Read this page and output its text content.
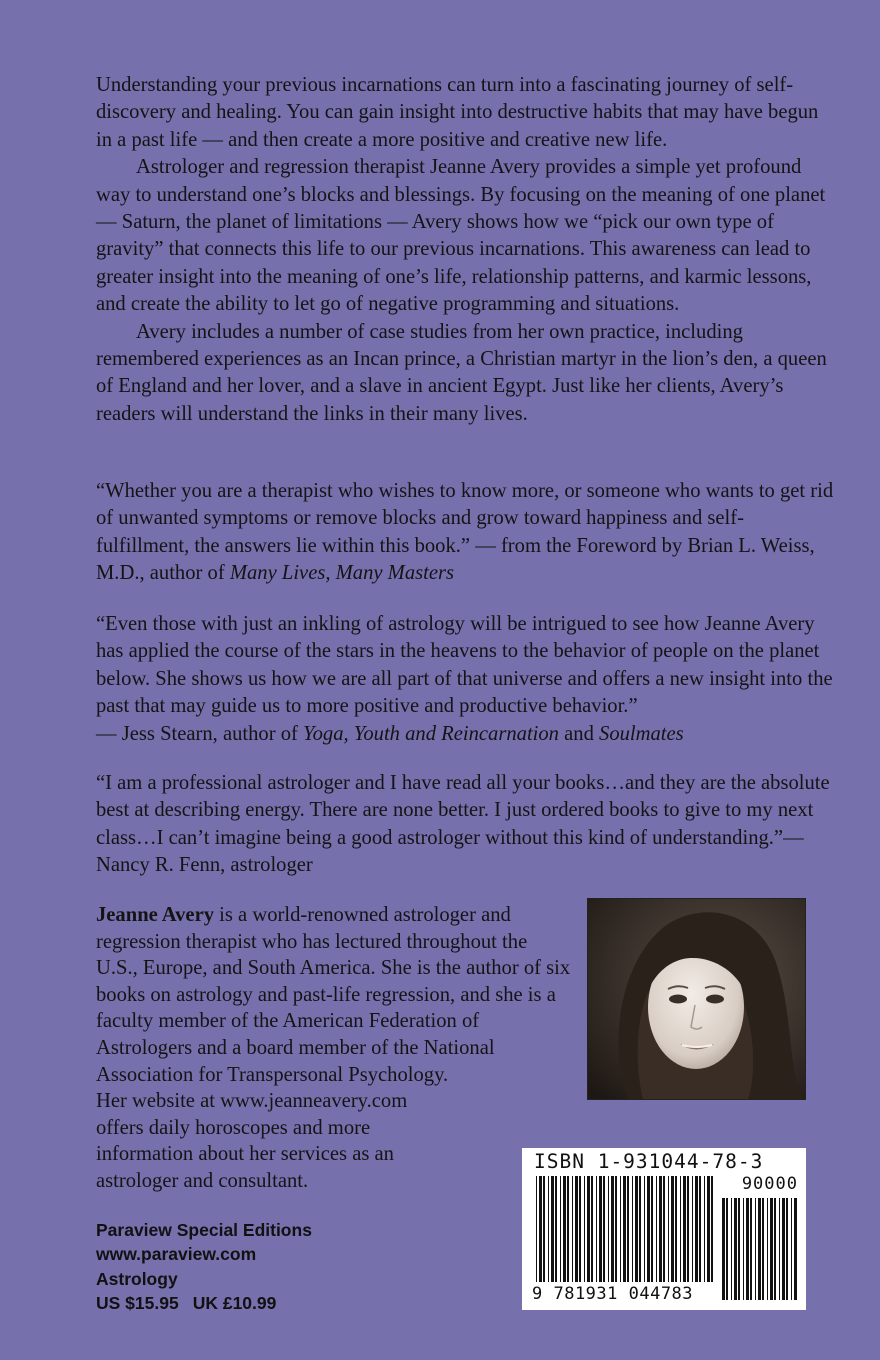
Understanding your previous incarnations can turn into a fascinating journey of self-discovery and healing. You can gain insight into destructive habits that may have begun in a past life — and then create a more positive and creative new life.

Astrologer and regression therapist Jeanne Avery provides a simple yet profound way to understand one’s blocks and blessings. By focusing on the meaning of one planet — Saturn, the planet of limitations — Avery shows how we “pick our own type of gravity” that connects this life to our previous incarnations. This awareness can lead to greater insight into the meaning of one’s life, relationship patterns, and karmic lessons, and create the ability to let go of negative programming and situations.

Avery includes a number of case studies from her own practice, including remembered experiences as an Incan prince, a Christian martyr in the lion’s den, a queen of England and her lover, and a slave in ancient Egypt. Just like her clients, Avery’s readers will understand the links in their many lives.

“Whether you are a therapist who wishes to know more, or someone who wants to get rid of unwanted symptoms or remove blocks and grow toward happiness and self-fulfillment, the answers lie within this book.” — from the Foreword by Brian L. Weiss, M.D., author of Many Lives, Many Masters
“Even those with just an inkling of astrology will be intrigued to see how Jeanne Avery has applied the course of the stars in the heavens to the behavior of people on the planet below. She shows us how we are all part of that universe and offers a new insight into the past that may guide us to more positive and productive behavior.”
— Jess Stearn, author of Yoga, Youth and Reincarnation and Soulmates
“I am a professional astrologer and I have read all your books…and they are the absolute best at describing energy. There are none better. I just ordered books to give to my next class…I can’t imagine being a good astrologer without this kind of understanding.”— Nancy R. Fenn, astrologer
Jeanne Avery is a world-renowned astrologer and regression therapist who has lectured throughout the U.S., Europe, and South America. She is the author of six books on astrology and past-life regression, and she is a faculty member of the American Federation of Astrologers and a board member of the National Association for Transpersonal Psychology.
Her website at www.jeanneavery.com offers daily horoscopes and more information about her services as an astrologer and consultant.
Paraview Special Editions
www.paraview.com
Astrology
US $15.95 UK £10.99
ISBN 1-931044-78-3
90000
9 781931 044783
